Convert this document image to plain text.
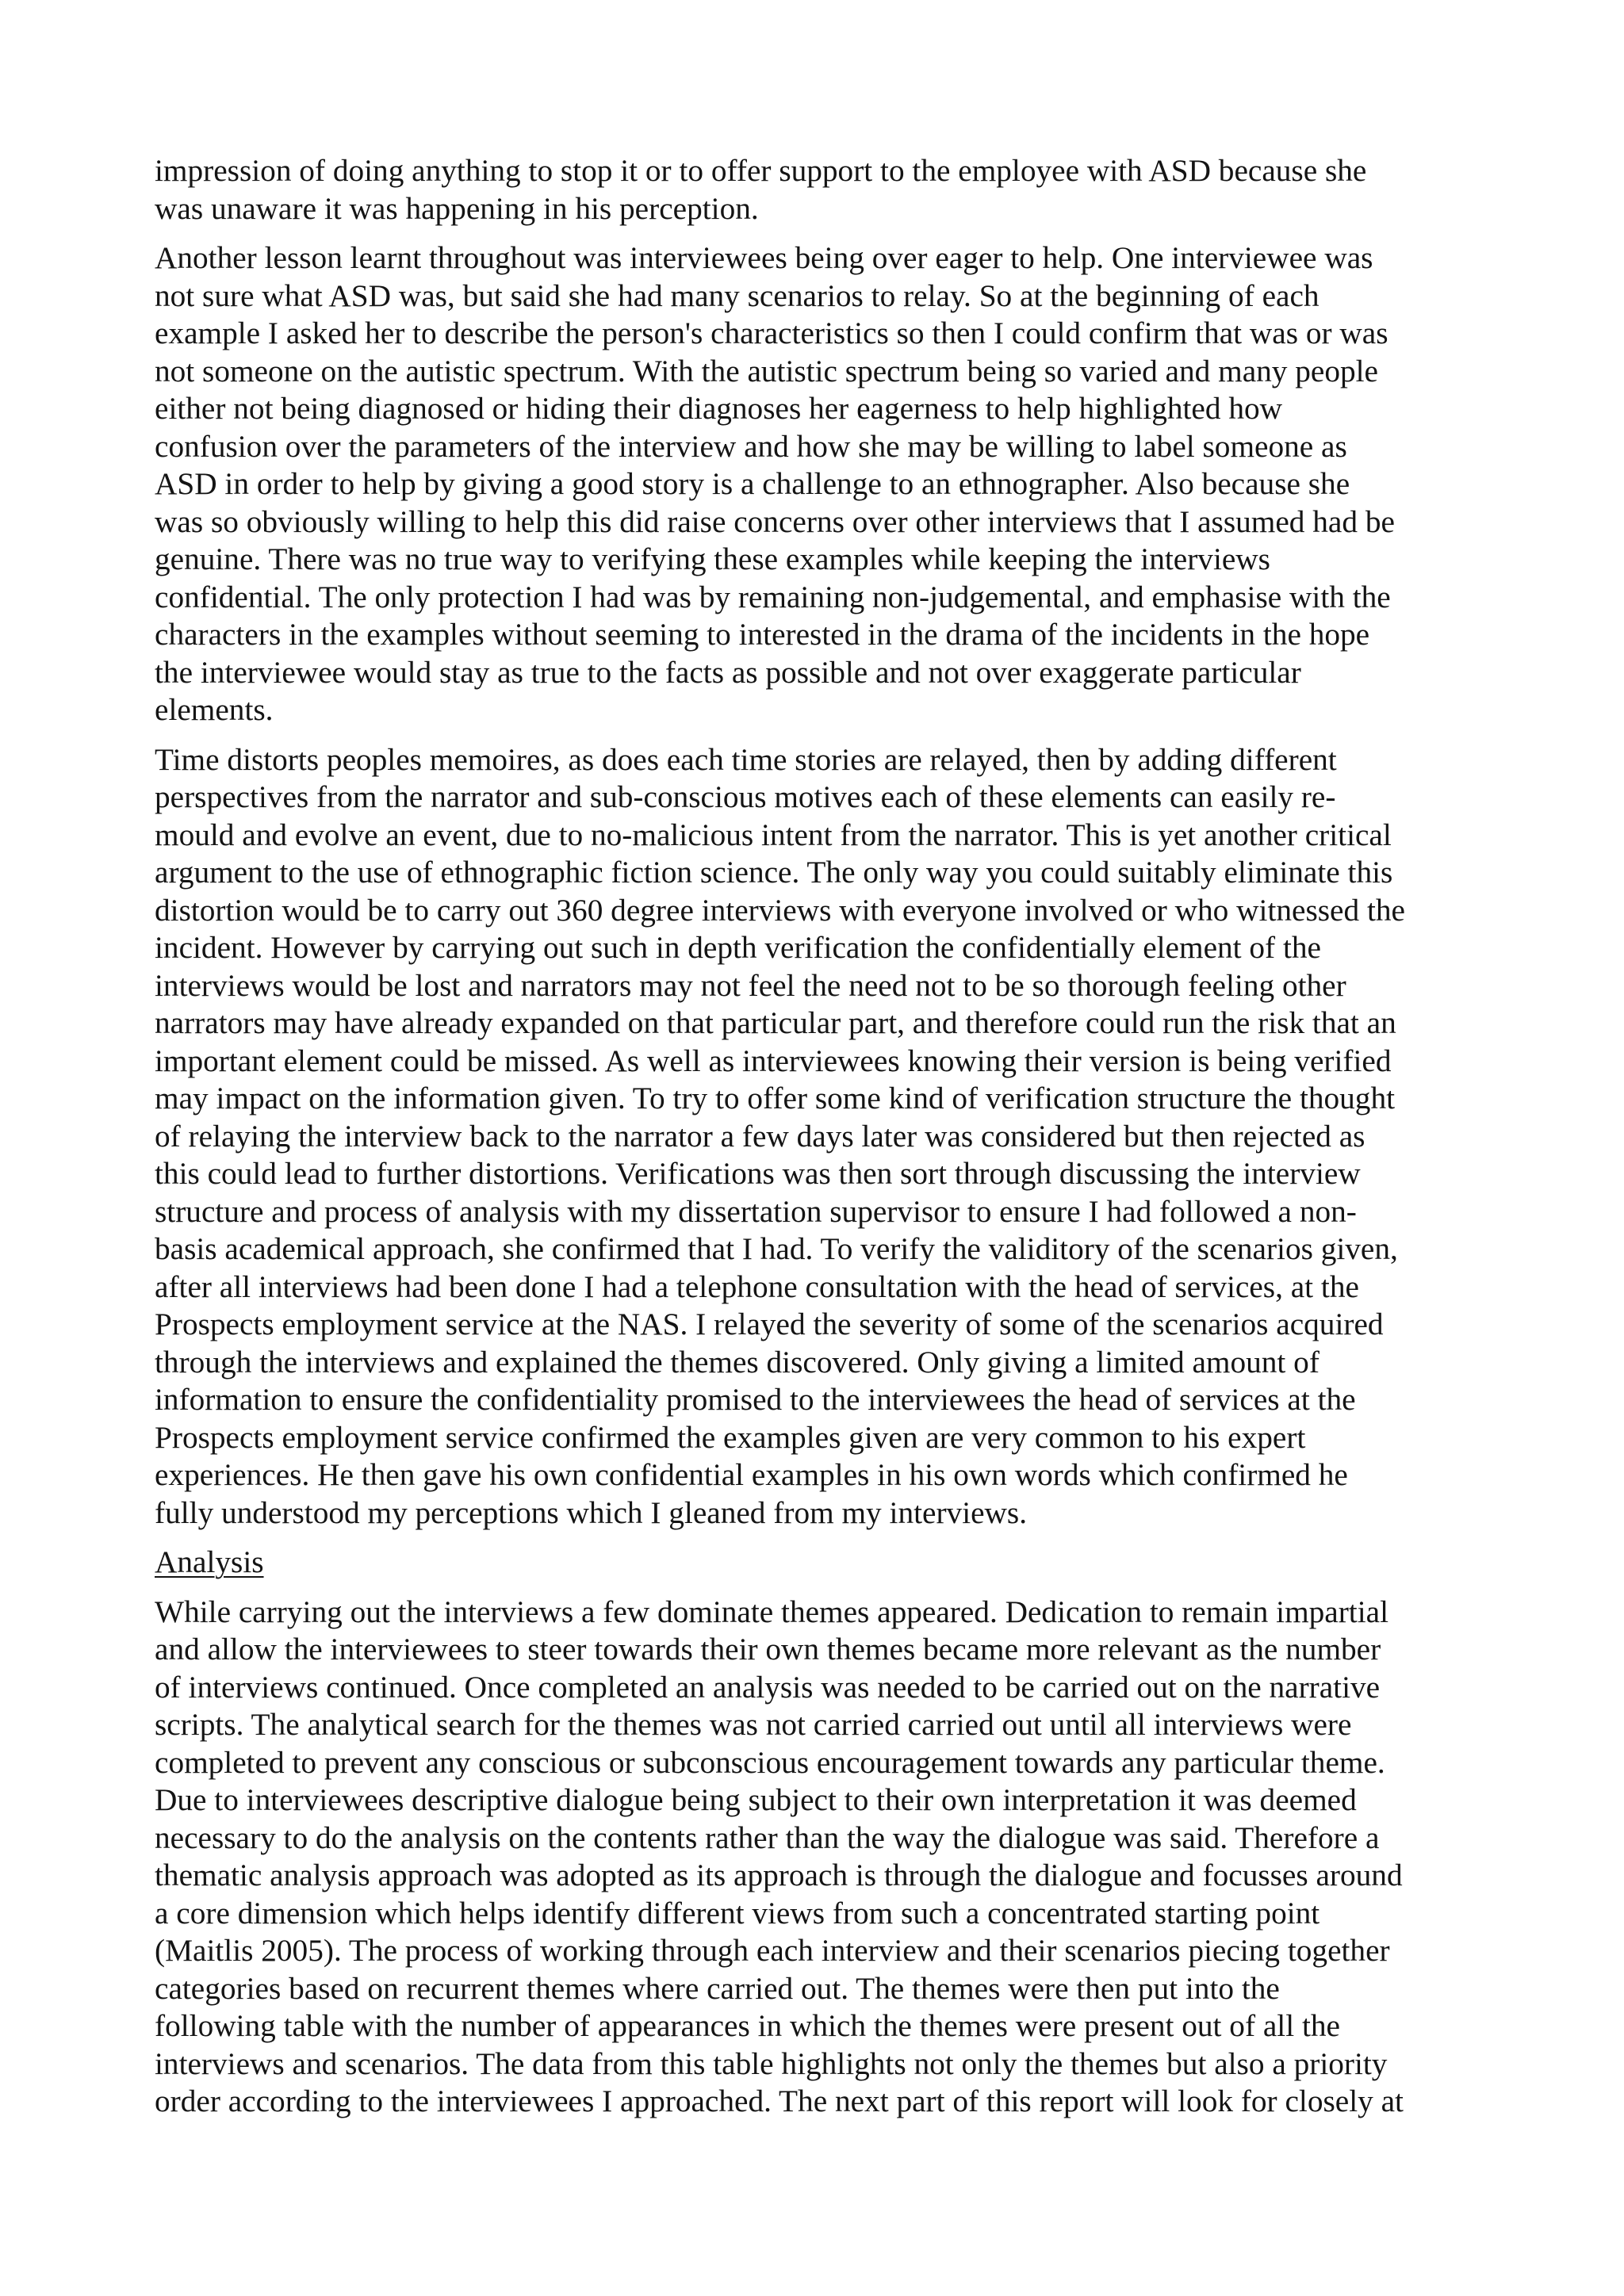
impression of doing anything to stop it or to offer support to the employee with ASD because she
was unaware it was happening in his perception.
Another lesson learnt throughout was interviewees being over eager to help. One interviewee was
not sure what ASD was, but said she had many scenarios to relay. So at the beginning of each
example I asked her to describe the person's characteristics so then I could confirm that was or was
not someone on the autistic spectrum. With the autistic spectrum being so varied and many people
either not being diagnosed or hiding their diagnoses her eagerness to help highlighted how
confusion over the parameters of the interview and how she may be willing to label someone as
ASD in order to help by giving a good story is a challenge to an ethnographer. Also because she
was so obviously willing to help this did raise concerns over other interviews that I assumed had be
genuine. There was no true way to verifying these examples while keeping the interviews
confidential. The only protection I had was by remaining non-judgemental, and emphasise with the
characters in the examples without seeming to interested in the drama of the incidents in the hope
the interviewee would stay as true to the facts as possible and not over exaggerate particular
elements.
Time distorts peoples memoires, as does each time stories are relayed, then by adding different
perspectives from the narrator and sub-conscious motives each of these elements can easily re-
mould and evolve an event, due to no-malicious intent from the narrator. This is yet another critical
argument to the use of ethnographic fiction science. The only way you could suitably eliminate this
distortion would be to carry out 360 degree interviews with everyone involved or who witnessed the
incident. However by carrying out such in depth verification the confidentially element of the
interviews would be lost and narrators may not feel the need not to be so thorough feeling other
narrators may have already expanded on that particular part, and therefore could run the risk that an
important element could be missed. As well as interviewees knowing their version is being verified
may impact on the information given. To try to offer some kind of verification structure the thought
of relaying the interview back to the narrator a few days later was considered but then rejected as
this could lead to further distortions. Verifications was then sort through discussing the interview
structure and process of analysis with my dissertation supervisor to ensure I had followed a non-
basis academical approach, she confirmed that I had. To verify the validitory of the scenarios given,
after all interviews had been done I had a telephone consultation with the head of services, at the
Prospects employment service at the NAS. I relayed the severity of some of the scenarios acquired
through the interviews and explained the themes discovered. Only giving a limited amount of
information to ensure the confidentiality promised to the interviewees the head of services at the
Prospects employment service confirmed the examples given are very common to his expert
experiences. He then gave his own confidential examples in his own words which confirmed he
fully understood my perceptions which I gleaned from my interviews.
Analysis
While carrying out the interviews a few dominate themes appeared. Dedication to remain impartial
and allow the interviewees to steer towards their own themes became more relevant as the number
of interviews continued. Once completed an analysis was needed to be carried out on the narrative
scripts. The analytical search for the themes was not carried carried out until all interviews were
completed to prevent any conscious or subconscious encouragement towards any particular theme.
Due to interviewees descriptive dialogue being subject to their own interpretation it was deemed
necessary to do the analysis on the contents rather than the way the dialogue was said. Therefore a
thematic analysis approach was adopted as its approach is through the dialogue and focusses around
a core dimension which helps identify different views from such a concentrated starting point
(Maitlis 2005). The process of working through each interview and their scenarios piecing together
categories based on recurrent themes where carried out. The themes were then put into the
following table with the number of appearances in which the themes were present out of all the
interviews and scenarios. The data from this table highlights not only the themes but also a priority
order according to the interviewees I approached. The next part of this report will look for closely at
